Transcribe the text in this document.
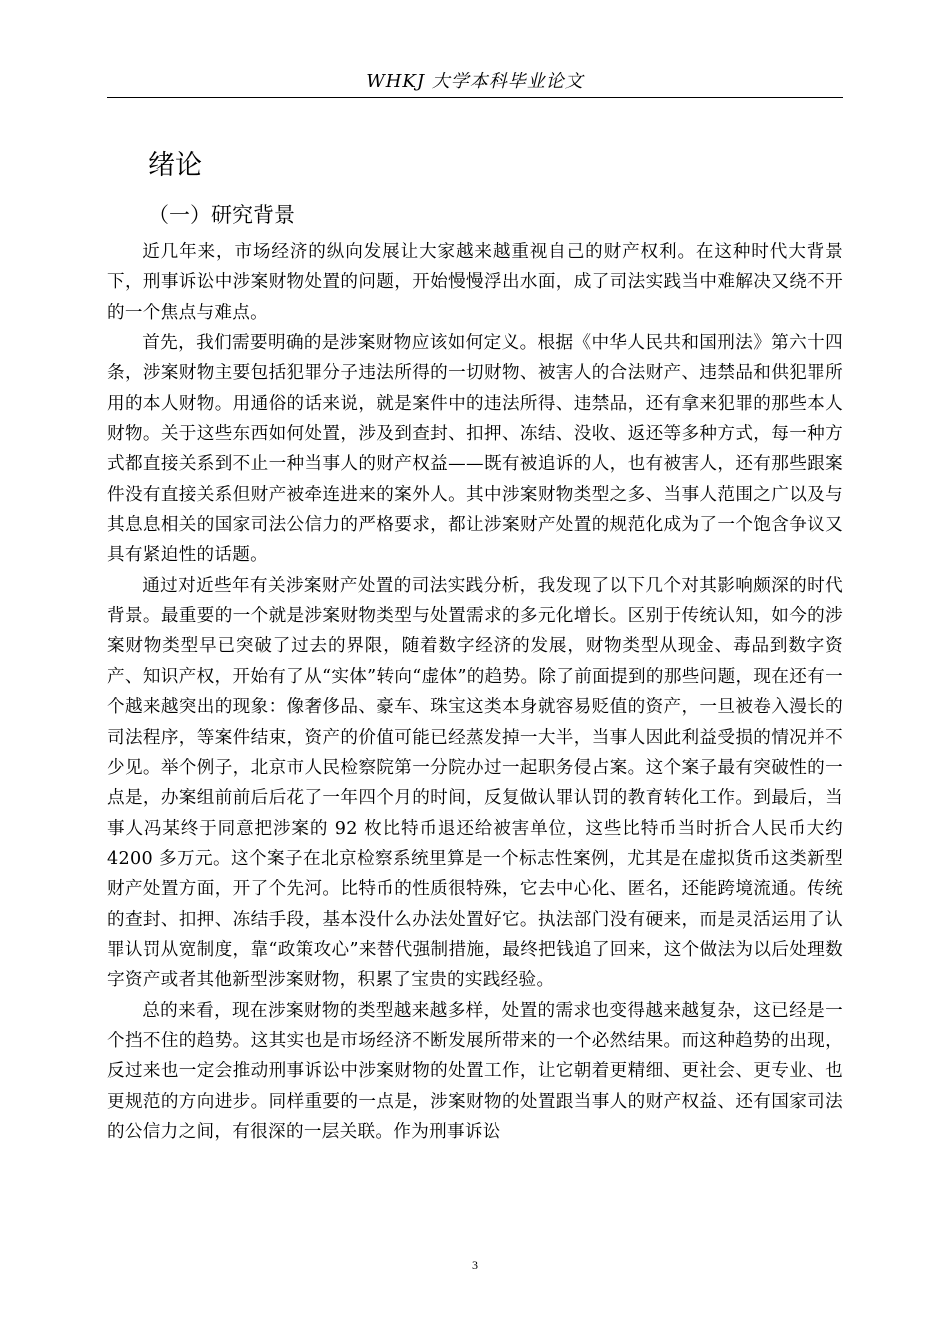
WHKJ 大学本科毕业论文
绪论
（一）研究背景

近几年来，市场经济的纵向发展让大家越来越重视自己的财产权利。在这种时代大背景下，刑事诉讼中涉案财物处置的问题，开始慢慢浮出水面，成了司法实践当中难解决又绕不开的一个焦点与难点。

首先，我们需要明确的是涉案财物应该如何定义。根据《中华人民共和国刑法》第六十四条，涉案财物主要包括犯罪分子违法所得的一切财物、被害人的合法财产、违禁品和供犯罪所用的本人财物。用通俗的话来说，就是案件中的违法所得、违禁品，还有拿来犯罪的那些本人财物。关于这些东西如何处置，涉及到查封、扣押、冻结、没收、返还等多种方式，每一种方式都直接关系到不止一种当事人的财产权益——既有被追诉的人，也有被害人，还有那些跟案件没有直接关系但财产被牵连进来的案外人。其中涉案财物类型之多、当事人范围之广以及与其息息相关的国家司法公信力的严格要求，都让涉案财产处置的规范化成为了一个饱含争议又具有紧迫性的话题。

通过对近些年有关涉案财产处置的司法实践分析，我发现了以下几个对其影响颇深的时代背景。最重要的一个就是涉案财物类型与处置需求的多元化增长。区别于传统认知，如今的涉案财物类型早已突破了过去的界限，随着数字经济的发展，财物类型从现金、毒品到数字资产、知识产权，开始有了从“实体”转向“虚体”的趋势。除了前面提到的那些问题，现在还有一个越来越突出的现象：像奢侈品、豪车、珠宝这类本身就容易贬值的资产，一旦被卷入漫长的司法程序，等案件结束，资产的价值可能已经蒸发掉一大半，当事人因此利益受损的情况并不少见。举个例子，北京市人民检察院第一分院办过一起职务侵占案。这个案子最有突破性的一点是，办案组前前后后花了一年四个月的时间，反复做认罪认罚的教育转化工作。到最后，当事人冯某终于同意把涉案的 92 枚比特币退还给被害单位，这些比特币当时折合人民币大约 4200 多万元。这个案子在北京检察系统里算是一个标志性案例，尤其是在虚拟货币这类新型财产处置方面，开了个先河。比特币的性质很特殊，它去中心化、匿名，还能跨境流通。传统的查封、扣押、冻结手段，基本没什么办法处置好它。执法部门没有硬来，而是灵活运用了认罪认罚从宽制度，靠“政策攻心”来替代强制措施，最终把钱追了回来，这个做法为以后处理数字资产或者其他新型涉案财物，积累了宝贵的实践经验。

总的来看，现在涉案财物的类型越来越多样，处置的需求也变得越来越复杂，这已经是一个挡不住的趋势。这其实也是市场经济不断发展所带来的一个必然结果。而这种趋势的出现，反过来也一定会推动刑事诉讼中涉案财物的处置工作，让它朝着更精细、更社会、更专业、也更规范的方向进步。同样重要的一点是，涉案财物的处置跟当事人的财产权益、还有国家司法的公信力之间，有很深的一层关联。作为刑事诉讼

3
